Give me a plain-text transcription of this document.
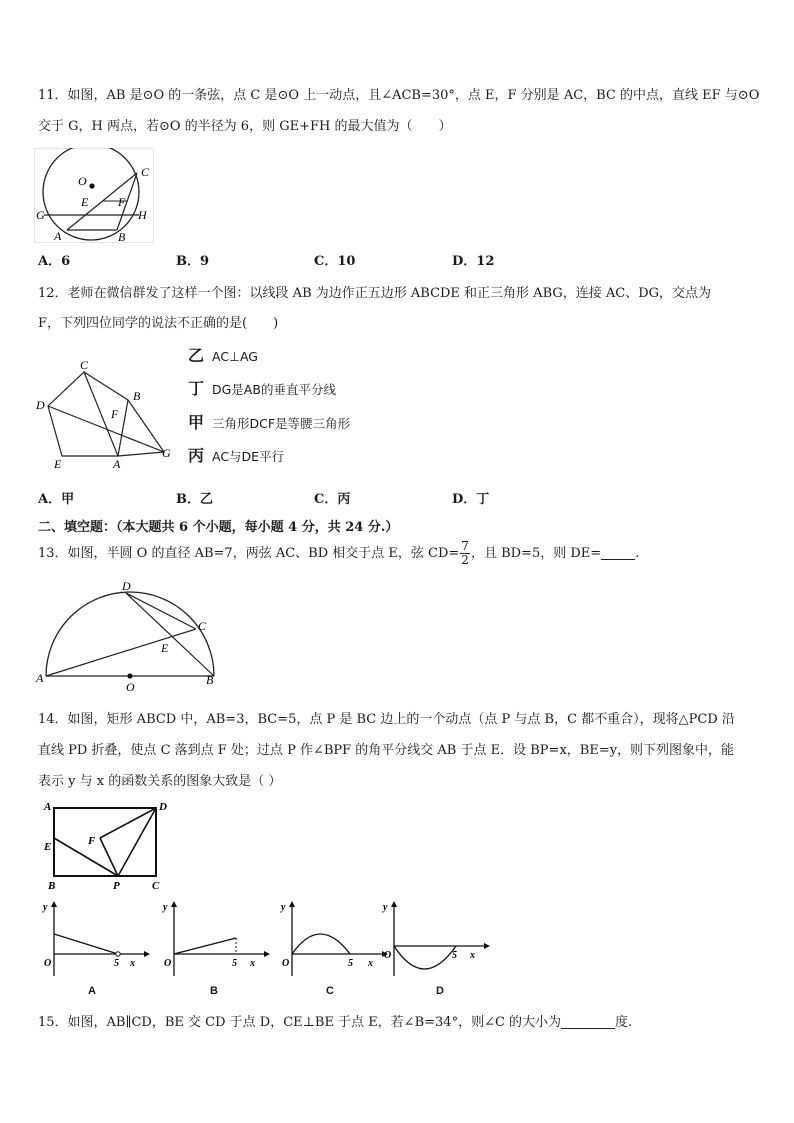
11．如图，AB 是⊙O 的一条弦，点 C 是⊙O 上一动点，且∠ACB=30°，点 E，F 分别是 AC，BC 的中点，直线 EF 与⊙O
交于 G，H 两点，若⊙O 的半径为 6，则 GE+FH 的最大值为（　　）
O
C
E F
G	H
A	B
A．6	B．9	C．10	D．12
12．老师在微信群发了这样一个图：以线段 AB 为边作正五边形 ABCDE 和正三角形 ABG，连接 AC、DG，交点为
F，下列四位同学的说法不正确的是(　　)
C
B
D
F
E	A
G
乙 AC⊥AG
丁 DG是AB的垂直平分线
甲 三角形DCF是等腰三角形
丙 AC与DE平行
A．甲	B．乙	C．丙	D．丁
二、填空题：（本大题共 6 个小题，每小题 4 分，共 24 分.）
13．如图，半圆 O 的直径 AB=7，两弦 AC、BD 相交于点 E，弦 $CD= \frac{7}{2}$ ，且 BD=5，则 DE=	.
D
C
E
A
O	B
14．如图，矩形 ABCD 中，AB=3，BC=5，点 P 是 BC 边上的一个动点（点 P 与点 B，C 都不重合），现将△PCD 沿
直线 PD 折叠，使点 C 落到点 F 处；过点 P 作∠BPF 的角平分线交 AB 于点 E．设 BP=x，BE=y，则下列图象中，能
表示 y 与 x 的函数关系的图象大致是（ ）
A	D
F
E
B	P	C
y
O	5 x
A
y
O	5 x
B
y
O	5 x
C
y
O	5 x
D
15．如图，AB∥CD，BE 交 CD 于点 D，CE⊥BE 于点 E，若∠B=34°，则∠C 的大小为	度.
